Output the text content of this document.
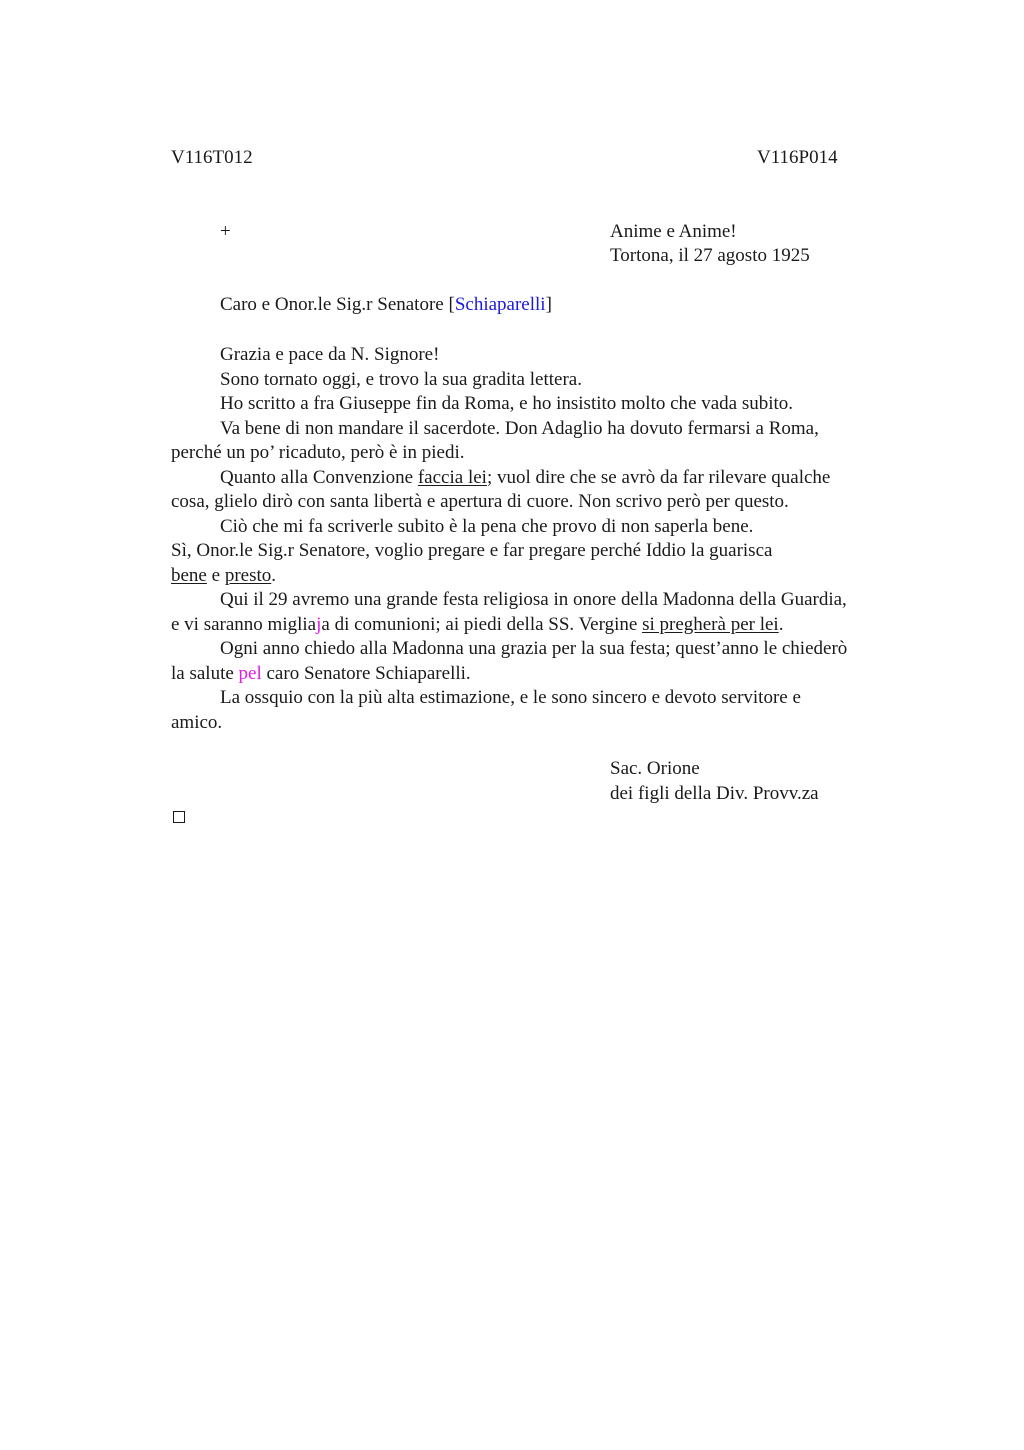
V116T012	V116P014
+	Anime e Anime!
Tortona, il 27 agosto 1925
Caro e Onor.le Sig.r Senatore [Schiaparelli]
Grazia e pace da N. Signore!
Sono tornato oggi, e trovo la sua gradita lettera.
Ho scritto a fra Giuseppe fin da Roma, e ho insistito molto che vada subito.
Va bene di non mandare il sacerdote. Don Adaglio ha dovuto fermarsi a Roma,
perché un po’ ricaduto, però è in piedi.
Quanto alla Convenzione faccia lei; vuol dire che se avrò da far rilevare qualche
cosa, glielo dirò con santa libertà e apertura di cuore. Non scrivo però per questo.
Ciò che mi fa scriverle subito è la pena che provo di non saperla bene.
Sì, Onor.le Sig.r Senatore, voglio pregare e far pregare perché Iddio la guarisca
bene e presto.
Qui il 29 avremo una grande festa religiosa in onore della Madonna della Guardia,
e vi saranno migliaja di comunioni; ai piedi della SS. Vergine si pregherà per lei.
Ogni anno chiedo alla Madonna una grazia per la sua festa; quest’anno le chiederò
la salute pel caro Senatore Schiaparelli.
La ossquio con la più alta estimazione, e le sono sincero e devoto servitore e
amico.
Sac. Orione
dei figli della Div. Provv.za
